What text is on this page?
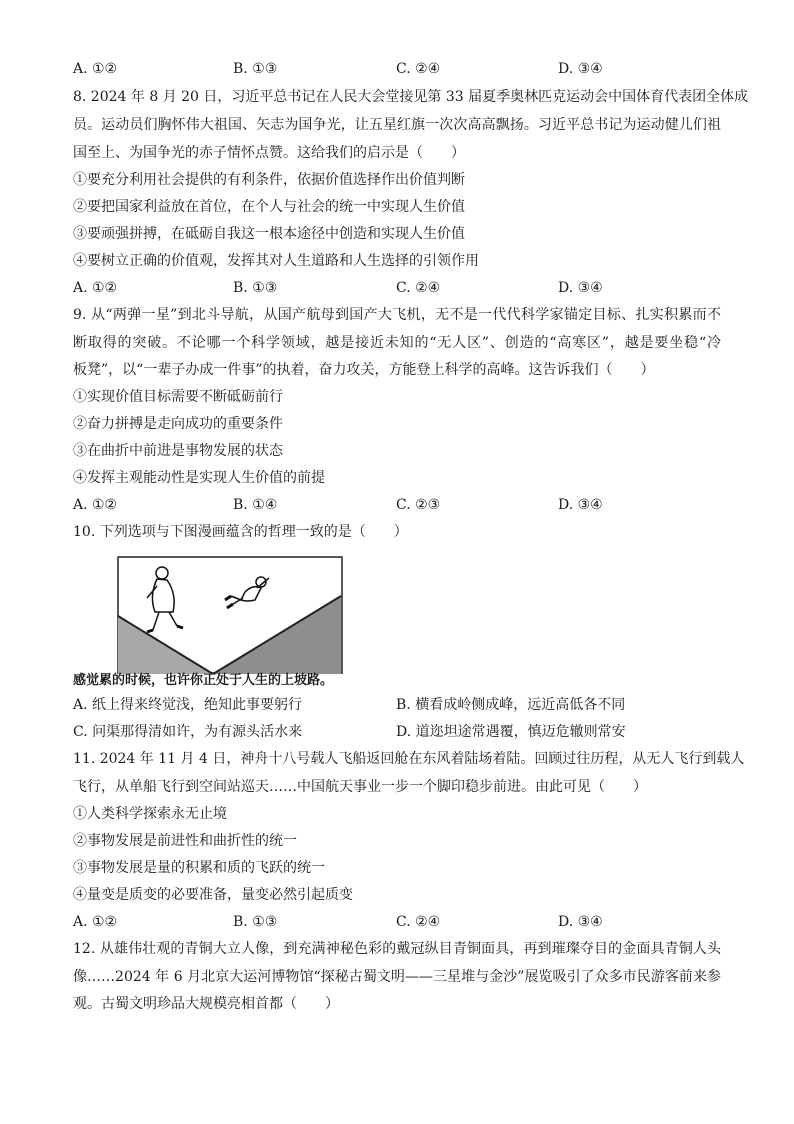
A. ①②	B. ①③	C. ②④	D. ③④
8. 2024 年 8 月 20 日，习近平总书记在人民大会堂接见第 33 届夏季奥林匹克运动会中国体育代表团全体成
员。运动员们胸怀伟大祖国、矢志为国争光，让五星红旗一次次高高飘扬。习近平总书记为运动健儿们祖
国至上、为国争光的赤子情怀点赞。这给我们的启示是（　　）
①要充分利用社会提供的有利条件，依据价值选择作出价值判断
②要把国家利益放在首位，在个人与社会的统一中实现人生价值
③要顽强拼搏，在砥砺自我这一根本途径中创造和实现人生价值
④要树立正确的价值观，发挥其对人生道路和人生选择的引领作用
A. ①②	B. ①③	C. ②④	D. ③④
9. 从“两弹一星”到北斗导航，从国产航母到国产大飞机，无不是一代代科学家锚定目标、扎实积累而不
断取得的突破。不论哪一个科学领域，越是接近未知的“无人区”、创造的“高寒区”，越是要坐稳“冷
板凳”，以“一辈子办成一件事”的执着，奋力攻关，方能登上科学的高峰。这告诉我们（　　）
①实现价值目标需要不断砥砺前行
②奋力拼搏是走向成功的重要条件
③在曲折中前进是事物发展的状态
④发挥主观能动性是实现人生价值的前提
A. ①②	B. ①④	C. ②③	D. ③④
10. 下列选项与下图漫画蕴含的哲理一致的是（　　）
感觉累的时候，也许你正处于人生的上坡路。
A. 纸上得来终觉浅，绝知此事要躬行	B. 横看成岭侧成峰，远近高低各不同
C. 问渠那得清如许，为有源头活水来	D. 道迩坦途常遇覆，慎迈危辙则常安
11. 2024 年 11 月 4 日，神舟十八号载人飞船返回舱在东风着陆场着陆。回顾过往历程，从无人飞行到载人
飞行，从单船飞行到空间站巡天……中国航天事业一步一个脚印稳步前进。由此可见（　　）
①人类科学探索永无止境
②事物发展是前进性和曲折性的统一
③事物发展是量的积累和质的飞跃的统一
④量变是质变的必要准备，量变必然引起质变
A. ①②	B. ①③	C. ②④	D. ③④
12. 从雄伟壮观的青铜大立人像，到充满神秘色彩的戴冠纵目青铜面具，再到璀璨夺目的金面具青铜人头
像……2024 年 6 月北京大运河博物馆“探秘古蜀文明——三星堆与金沙”展览吸引了众多市民游客前来参
观。古蜀文明珍品大规模亮相首都（　　）
